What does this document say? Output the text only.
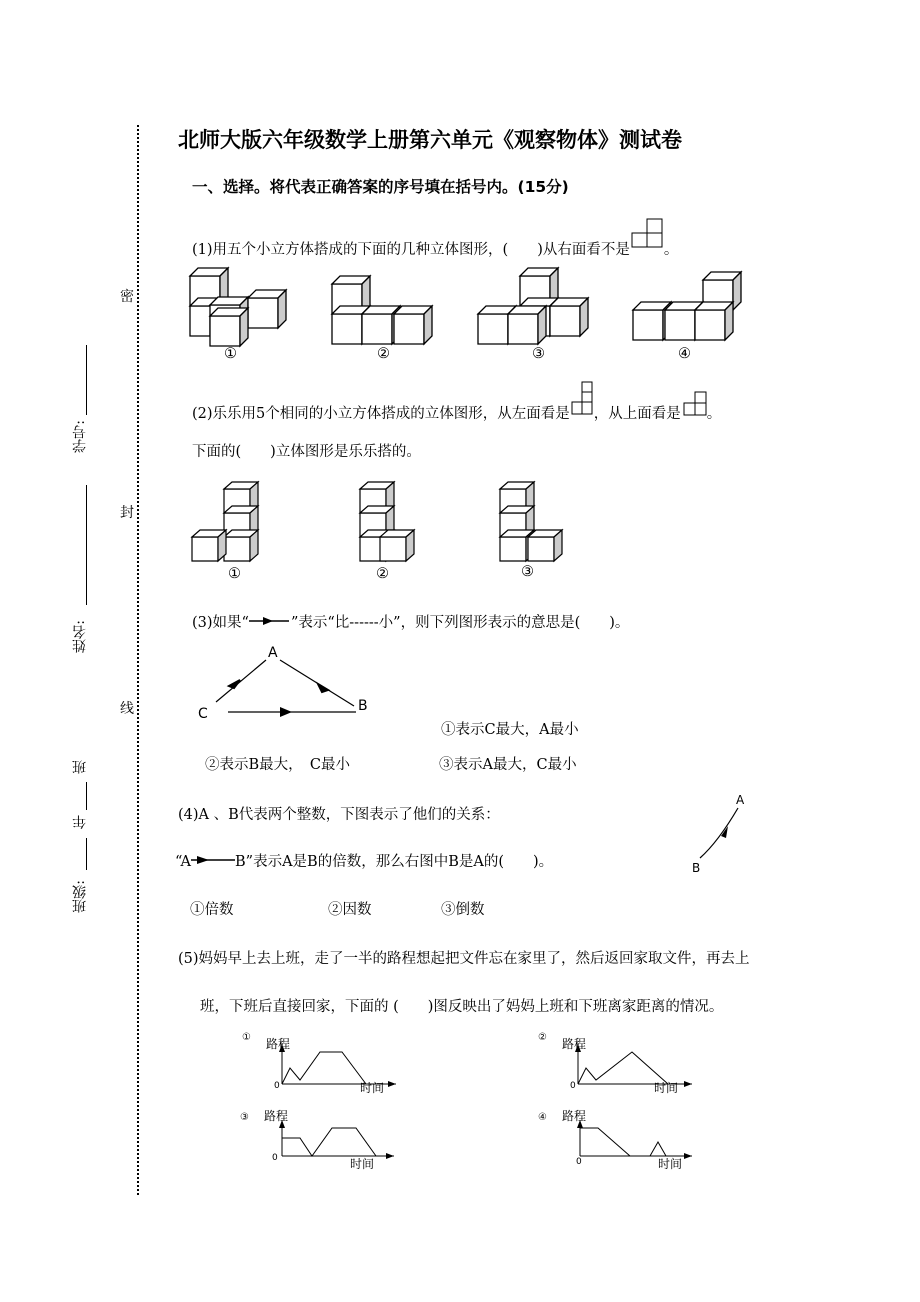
密
封
线
学号:
姓名:
班
年
班级:
北师大版六年级数学上册第六单元《观察物体》测试卷
一、选择。将代表正确答案的序号填在括号内。(15分)
(1)用五个小立方体搭成的下面的几种立体图形，(　　)从右面看不是 。
①	②	③	④
(2)乐乐用5个相同的小立方体搭成的立体图形，从左面看是 ，从上面看是 。
下面的(　　)立体图形是乐乐搭的。
①	②	③
(3)如果“	”表示“比------小”，则下列图形表示的意思是(　　)。
A
B
C
①表示C最大，A最小
②表示B最大，　C最小	③表示A最大，C最小
(4)A 、B代表两个整数，下图表示了他们的关系：
“A	B”表示A是B的倍数，那么右图中B是A的(　　)。
A
B
①倍数	②因数	③倒数
(5)妈妈早上去上班，走了一半的路程想起把文件忘在家里了，然后返回家取文件，再去上
班，下班后直接回家，下面的 (　　)图反映出了妈妈上班和下班离家距离的情况。
① 路程
0	时间
② 路程
0	时间
③ 路程
0	时间
④ 路程
0	时间
